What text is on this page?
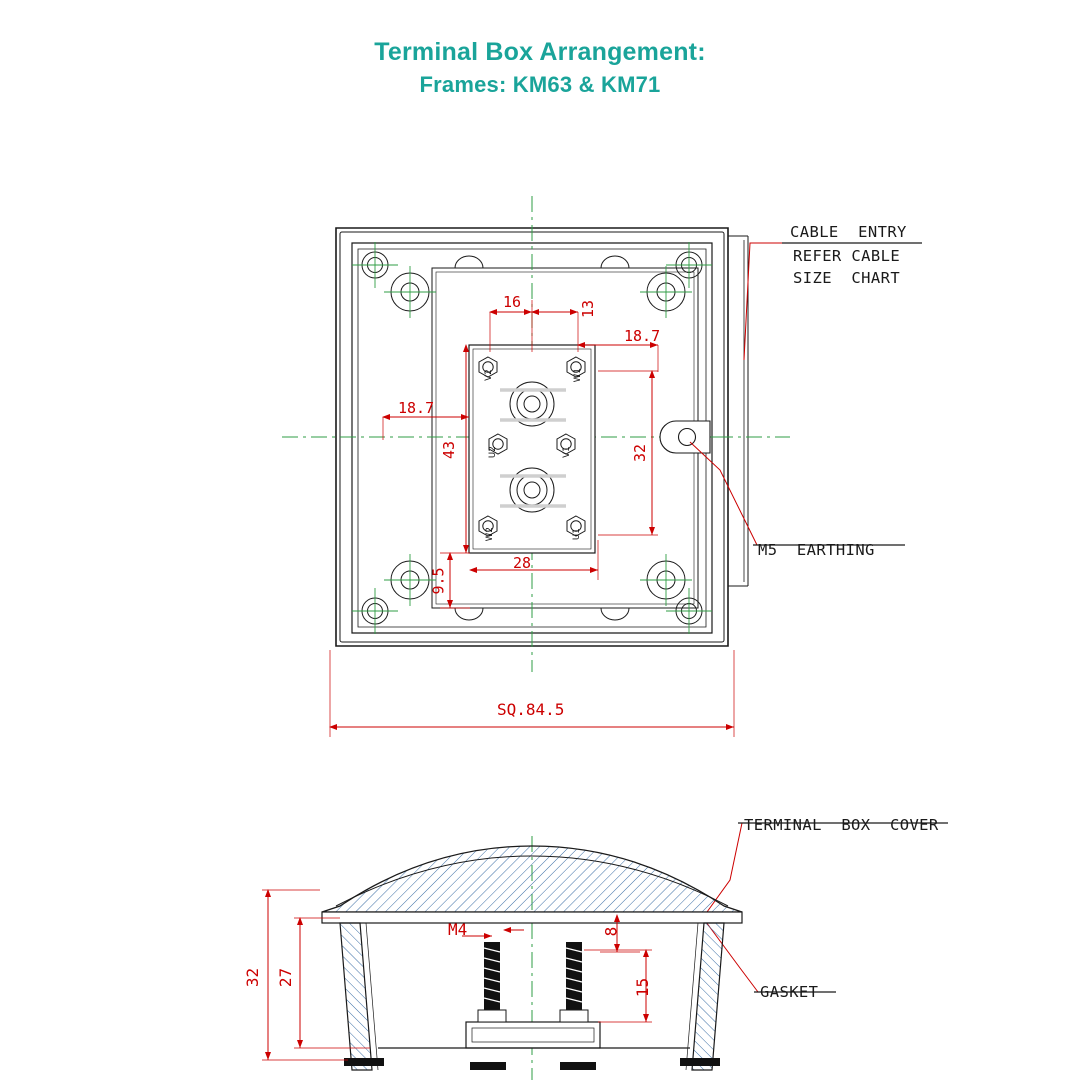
Terminal Box Arrangement:
Frames: KM63 & KM71
CABLE  ENTRY
REFER CABLE
SIZE  CHART
M5  EARTHING
TERMINAL  BOX  COVER
GASKET
16	13
18.7
18.7
32
43
28
9.5
SQ.84.5
V2	W1
U2	V1
W2	U1
32 27
15
8
M4
